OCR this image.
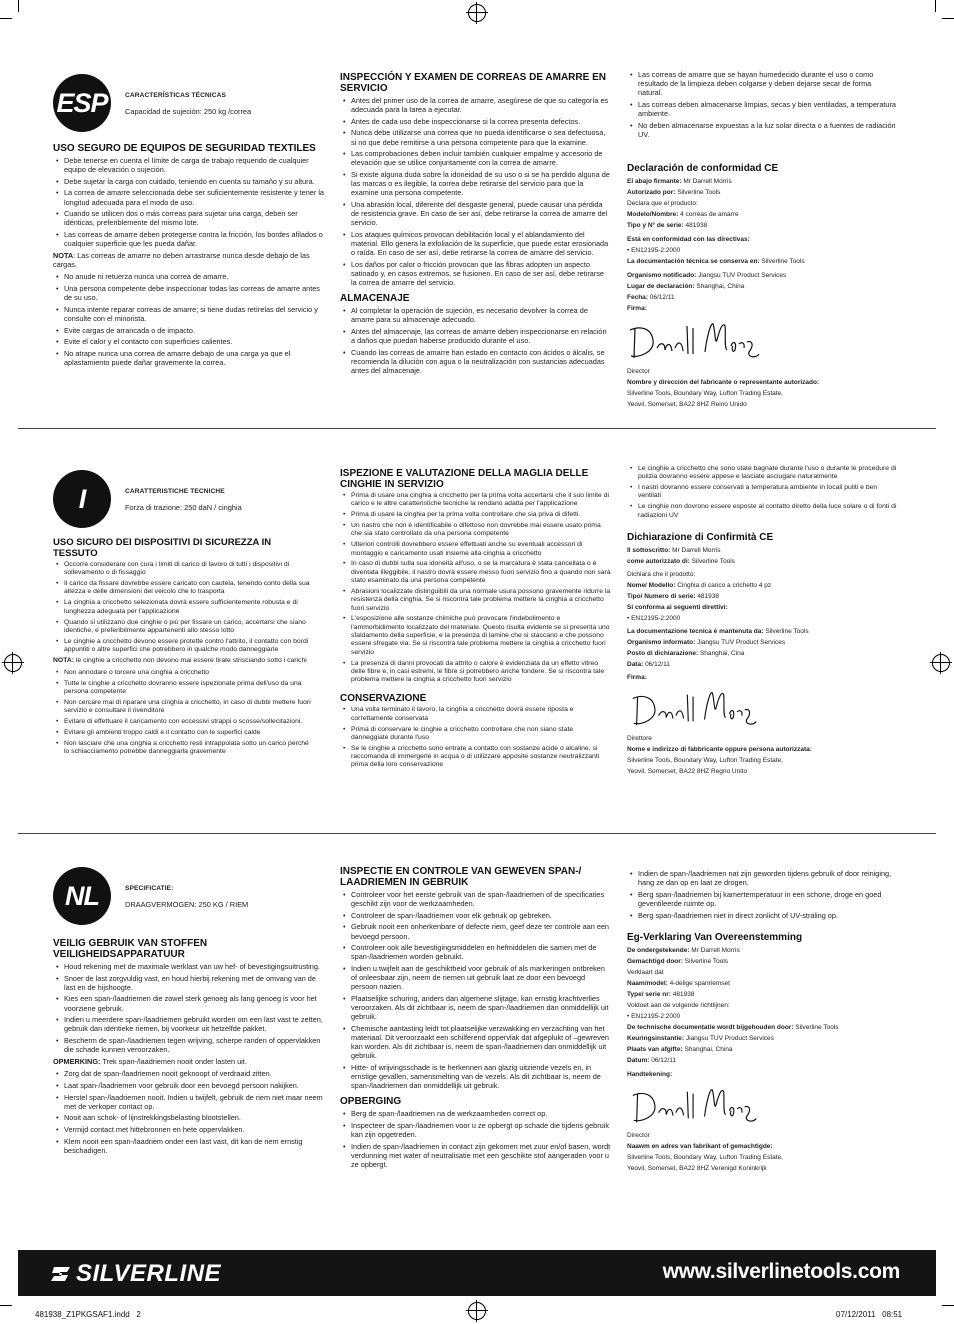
ESP	CARACTERÍSTICAS TÉCNICAS
Capacidad de sujeción: 250 kg /correa
USO SEGURO DE EQUIPOS DE SEGURIDAD TEXTILES
• Debe tenerse en cuenta el límite de carga de trabajo requerido de cualquier equipo de elevación o sujeción.
• Debe sujetar la carga con cuidado, teniendo en cuenta su tamaño y su altura.
• La correa de amarre seleccionada debe ser suficientemente resistente y tener la longitud adecuada para el modo de uso.
• Cuando se utilicen dos o más correas para sujetar una carga, deben ser idénticas, preferiblemente del mismo lote.
• Las correas de amarre deben protegerse contra la fricción, los bordes afilados o cualquier superficie que les pueda dañar.
NOTA: Las correas de amarre no deben arrastrarse nunca desde debajo de las cargas.
• No anude ni retuerza nunca una correa de amarre.
• Una persona competente debe inspeccionar todas las correas de amarre antes de su uso.
• Nunca intente reparar correas de amarre; si tiene dudas retírelas del servicio y consulte con el minorista.
• Evite cargas de arrancada o de impacto.
• Evite el calor y el contacto con superficies calientes.
• No atrape nunca una correa de amarre debajo de una carga ya que el aplastamiento puede dañar gravemente la correa.
INSPECCIÓN Y EXAMEN DE CORREAS DE AMARRE EN SERVICIO
• Antes del primer uso de la correa de amarre, asegúrese de que su categoría es adecuada para la tarea a ejecutar.
• Antes de cada uso debe inspeccionarse si la correa presenta defectos.
• Nunca debe utilizarse una correa que no pueda identificarse o sea defectuosa, si no que debe remitirse a una persona competente para que la examine.
• Las comprobaciones deben incluir también cualquier empalme y accesorio de elevación que se utilice conjuntamente con la correa de amarre.
• Si existe alguna duda sobre la idoneidad de su uso o si se ha perdido alguna de las marcas o es ilegible, la correa debe retirarse del servicio para que la examine una persona competente.
• Una abrasión local, diferente del desgaste general, puede causar una pérdida de resistencia grave. En caso de ser así, debe retirarse la correa de amarre del servicio.
• Los ataques químicos provocan debilitación local y el ablandamiento del material. Ello genera la exfoliación de la superficie, que puede estar erosionada o raída. En caso de ser así, debe retirarse la correa de amarre del servicio.
• Los daños por calor o fricción provocan que las fibras adopten un aspecto satinado y, en casos extremos, se fusionen. En caso de ser así, debe retirarse la correa de amarre del servicio.
ALMACENAJE
• Al completar la operación de sujeción, es necesario devolver la correa de amarre para su almacenaje adecuado.
• Antes del almacenaje, las correas de amarre deben inspeccionarse en relación a daños que puedan haberse producido durante el uso.
• Cuando las correas de amarre han estado en contacto con ácidos o álcalis, se recomienda la dilución con agua o la neutralización con sustancias adecuadas antes del almacenaje.
• Las correas de amarre que se hayan humedecido durante el uso o como resultado de la limpieza deben colgarse y deben dejarse secar de forma natural.
• Las correas deben almacenarse limpias, secas y bien ventiladas, a temperatura ambiente.
• No deben almacenarse expuestas a la luz solar directa o a fuentes de radiación UV.
Declaración de conformidad CE
El abajo firmante: Mr Darrell Morris
Autorizado por: Silverline Tools
Declara que el producto:
Modelo/Nombre: 4 correas de amarre
Tipo y N° de serie: 481938
Está en conformidad con las directivas:
• EN12195-2:2000
La documentación técnica se conserva en: Silverline Tools
Organismo notificado: Jiangsu TUV Product Services
Lugar de declaración: Shanghai, China
Fecha: 06/12/11
Firma:
Director
Nombre y dirección del fabricante o representante autorizado:
Silverline Tools, Boundary Way, Lufton Trading Estate,
Yeovil, Somerset, BA22 8HZ Reino Unido
I	CARATTERISTICHE TECNICHE
Forza di trazione: 250 daN / cinghia
USO SICURO DEI DISPOSITIVI DI SICUREZZA IN TESSUTO
• Occorre considerare con cura i limiti di carico di lavoro di tutti i dispositivi di sollevamento o di fissaggio
• Il carico da fissare dovrebbe essere caricato con cautela, tenendo conto della sua altezza e delle dimensioni del veicolo che lo trasporta
• La cinghia a cricchetto selezionata dovrà essere sufficientemente robusta e di lunghezza adeguata per l'applicazione
• Quando si utilizzano due cinghie o più per fissare un carico, accertarsi che siano identiche, e preferibilmente appartenenti allo stesso lotto
• Le cinghie a cricchetto devono essere protette contro l'attrito, il contatto con bordi appuntiti o altre superfici che potrebbero in qualche modo danneggiarle
NOTA: le cinghie a cricchetto non devono mai essere tirate strisciando sotto i carichi
• Non annodare o torcere una cinghia a cricchetto
• Tutte le cinghie a cricchetto dovranno essere ispezionate prima dell'uso da una persona competente
• Non cercare mai di riparare una cinghia a cricchetto, in caso di dubbi mettere fuori servizio e consultare il rivenditore
• Evitare di effettuare il caricamento con eccessivi strappi o scosse/sollecitazioni.
• Evitare gli ambienti troppo caldi e il contatto con le superfici calde
• Non lasciare che una cinghia a cricchetto resti intrappolata sotto un carico perché lo schiacciamento potrebbe danneggiarla gravemente
ISPEZIONE E VALUTAZIONE DELLA MAGLIA DELLE CINGHIE IN SERVIZIO
• Prima di usare una cinghia a cricchetto per la prima volta accertarsi che il suo limite di carico e le altre caratteristiche tecniche la rendano adatta per l'applicazione
• Prima di usare la cinghia per la prima volta controllare che sia priva di difetti.
• Un nastro che non è identificabile o difettoso non dovrebbe mai essere usato prima che sia stato controllato da una persona competente
• Ulteriori controlli dovrebbero essere effettuati anche su eventuali accessori di montaggio e caricamento usati insieme alla cinghia a cricchetto
• In caso di dubbi sulla sua idoneità all'uso, o se la marcatura è stata cancellata o è diventata illeggibile, il nastro dovrà essere messo fuori servizio fino a quando non sarà stato esaminato da una persona competente
• Abrasioni localizzate distinguibili da una normale usura possono gravemente ridurre la resistenza della cinghia. Se si riscontra tale problema mettere la cinghia a cricchetto fuori servizio
• L'esposizione alle sostanze chimiche può provocare l'indebolimento e l'ammorbidimento localizzato del materiale. Questo risulta evidente se si presenta uno sfaldamento della superficie, e la presenza di lamine che si staccano e che possono essere sfregate via. Se si riscontra tale problema mettere la cinghia a cricchetto fuori servizio
• La presenza di danni provocati da attrito o calore è evidenziata da un effetto vitreo delle fibre e, in casi estremi, le fibre si potrebbero anche fondere. Se si riscontra tale problema mettere la cinghia a cricchetto fuori servizio
CONSERVAZIONE
• Una volta terminato il lavoro, la cinghia a cricchetto dovrà essere riposta e correttamente conservata
• Prima di conservare le cinghie a cricchetto controllare che non siano state danneggiate durante l'uso
• Se le cinghie a cricchetto sono entrate a contatto con sostanze acide o alcaline, si raccomanda di immergerle in acqua o di utilizzare apposite sostanze neutralizzanti prima della loro conservazione
• Le cinghie a cricchetto che sono state bagnate durante l'uso o durante le procedure di pulizia dovranno essere appese e lasciate asciugare naturalmente
• I nastri dovranno essere conservati a temperatura ambiente in locali puliti e ben ventilati
• Le cinghie non dovrono essere esposte al contatto diretto della luce solare o di fonti di radiazioni UV
Dichiarazione di Confirmità CE
Il sottoscritto: Mr Darrell Morris
come autorizzato di: Silverline Tools
Dichiara che il prodotto:
Nome/ Modello: Cinghia di carico a crichetto 4 pz
Tipo/ Numero di serie: 481938
Si conforma ai seguenti direttivi:
• EN12195-2:2000
La documentazione tecnica è mantenuta da: Silverline Tools
Organismo informato: Jiangsu TUV Product Services
Posto di dichiarazione: Shanghai, Cina
Data: 06/12/11
Firma:
Direttore
Nome e indirizzo di fabbricante oppure persona autorizzata:
Silverline Tools, Boundary Way, Lufton Trading Estate,
Yeovil, Somerset, BA22 8HZ Regno Unito
NL	SPECIFICATIE:
DRAAGVERMOGEN: 250 KG / RIEM
VEILIG GEBRUIK VAN STOFFEN VEILIGHEIDSAPPARATUUR
• Houd rekening met de maximale werklast van uw hef- of bevestigingsuitrusting.
• Snoer de last zorgvuldig vast, en houd hierbij rekening met de omvang van de last en de hijshoogte.
• Kies een span-/laadriemen die zowel sterk genoeg als lang genoeg is voor het voorziene gebruik.
• Indien u meerdere span-/laadriemen gebruikt worden om een last vast te zetten, gebruik dan identieke riemen, bij voorkeur uit hetzelfde pakket.
• Bescherm de span-/laadriemen tegen wrijving, scherpe randen of oppervlakken die schade kunnen veroorzaken.
OPMERKING: Trek span-/laadriemen nooit onder lasten uit.
• Zorg dat de span-/laadriemen nooit geknoopt of verdraaid zitten.
• Laat span-/laadriemen voor gebruik door een bevoegd persoon nakijken.
• Herstel span-/laadriemen nooit. Indien u twijfelt, gebruik de riem niet maar neem met de verkoper contact op.
• Nooit aan schok- of lijnstrekkingsbelasting blootstellen.
• Vermijd contact met hittebronnen en hete oppervlakken.
• Klem nooit een span-/laadriem onder een last vast, dit kan de riem ernstig beschadigen.
INSPECTIE EN CONTROLE VAN GEWEVEN SPAN-/ LAADRIEMEN IN GEBRUIK
• Controleer voor het eerste gebruik van de span-/laadriemen of de specificaties geschikt zijn voor de werkzaamheden.
• Controleer de span-/laadriemen voor elk gebruik op gebreken.
• Gebruik nooit een onherkenbare of defecte riem, geef deze ter controle aan een bevoegd persoon.
• Controleer ook alle bevestigingsmiddelen en hefmiddelen die samen met de span-/laadriemen worden gebruikt.
• Indien u twijfelt aan de geschiktheid voor gebruik of als markeringen ontbreken of onleesbaar zijn, neem de riemen uit gebruik laat ze door een bevoegd persoon nazien.
• Plaatselijke schuring, anders dan algemene slijtage, kan ernstig krachtverlies veroorzaken. Als dit zichtbaar is, neem de span-/laadriemen dan onmiddellijk uit gebruik.
• Chemische aantasting leidt tot plaatselijke verzwakking en verzachting van het materiaal. Dit veroorzaakt een schilferend oppervlak dat afgeplukt of –gewreven kan worden. Als dit zichtbaar is, neem de span-/laadriemen dan onmiddellijk uit gebruik.
• Hitte- of wrijvingsschade is te herkennen aan glazig uitziende vezels en, in ernstige gevallen, samensmelting van de vezels. Als dit zichtbaar is, neem de span-/laadriemen dan onmiddellijk uit gebruik.
OPBERGING
• Berg de span-/laadriemen na de werkzaamheden correct op.
• Inspecteer de span-/laadriemen voor u ze opbergt op schade die tijdens gebruik kan zijn opgetreden.
• Indien de span-/laadriemen in contact zijn gekomen met zuur en/of basen, wordt verdunning met water of neutralisatie met een geschikte stof aangeraden voor u ze opbergt.
• Indien de span-/laadriemen nat zijn geworden tijdens gebruik of door reiniging, hang ze dan op en laat ze drogen.
• Berg span-/laadriemen bij kamertemperatuur in een schone, droge en goed geventileerde ruimte op.
• Berg span-/laadriemen niet in direct zonlicht of UV-straling op.
Eg-Verklaring Van Overeenstemming
De ondergetekende: Mr Darrell Morris
Gemachtigd door: Silverline Tools
Verklaart dat
Naam/model: 4-delige spanriemset
Type/ serie nr: 481938
Voldoet aan de volgende richtlijnen:
• EN12195-2:2000
De technische documentatie wordt bijgehouden door: Silverline Tools
Keuringsinstantie: Jiangsu TUV Product Services
Plaats van afgifte: Shanghai, China
Datum: 06/12/11
Handtekening:
Director
Naawm en adres van fabrikant of gemachtigde:
Silverline Tools, Boundary Way, Lufton Trading Estate,
Yeovil, Somerset, BA22 8HZ Verenigd Koninkrijk
SILVERLINE	www.silverlinetools.com
481938_Z1PKGSAF1.indd   2	07/12/2011   08:51
